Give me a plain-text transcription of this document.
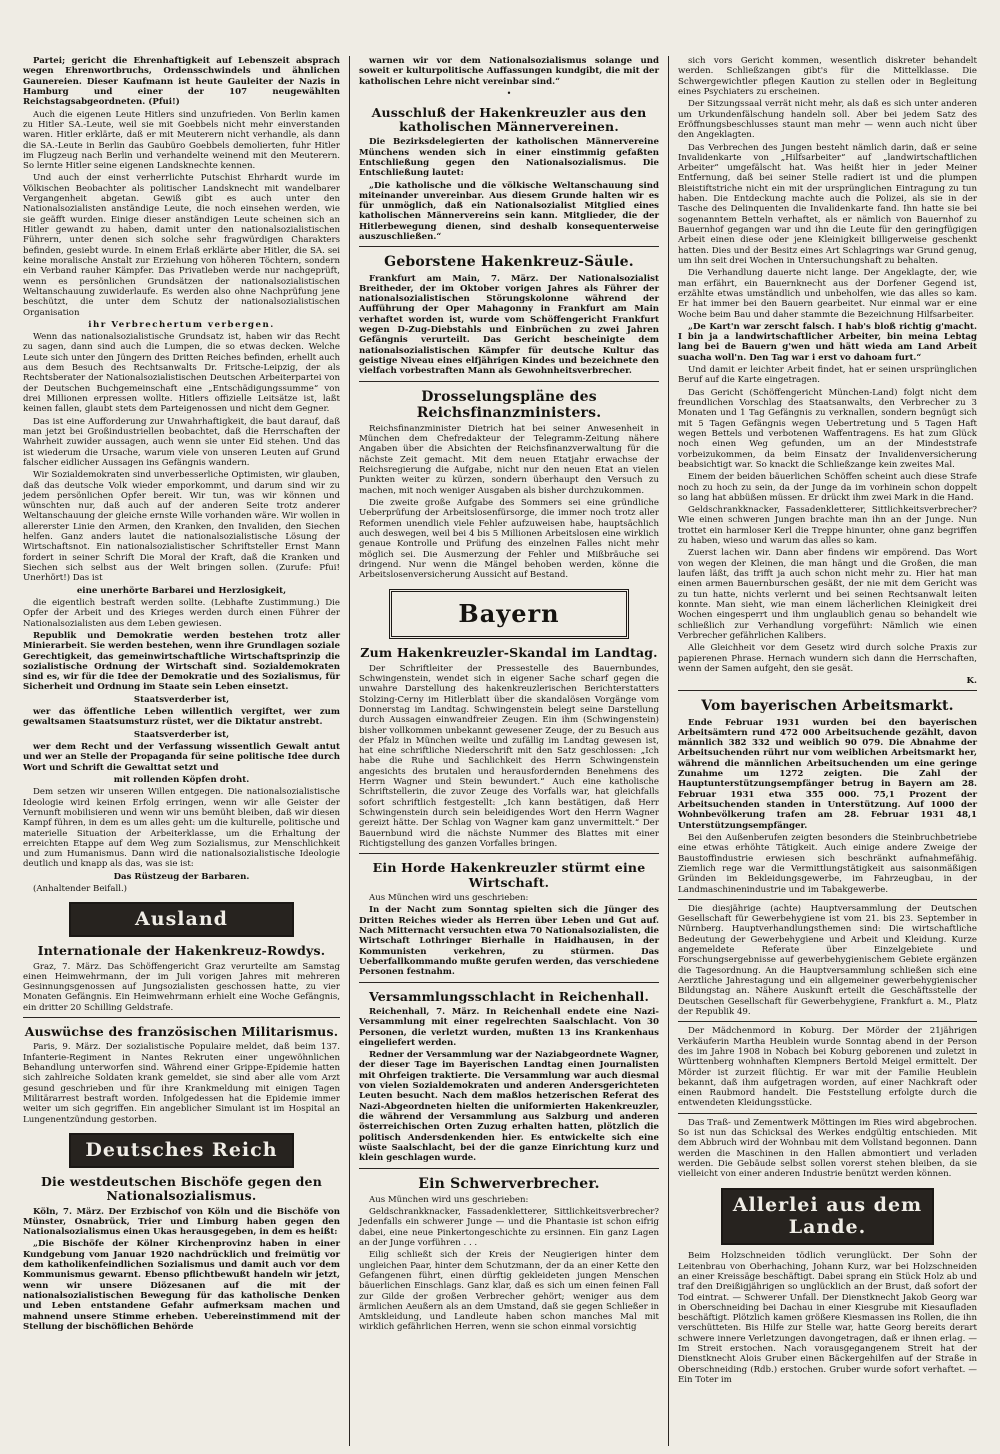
Partei; gericht die Ehrenhaftigkeit auf Lebenszeit absprach wegen Ehrenwortbruchs, Ordensschwindels und ähnlichen Gaunereien. Dieser Kaufmann ist heute Gauleiter der Nazis in Hamburg und einer der 107 neugewählten Reichstagsabgeordneten. (Pfui!)

Auch die eigenen Leute Hitlers sind unzufrieden. Von Berlin kamen zu Hitler SA.-Leute, weil sie mit Goebbels nicht mehr einverstanden waren. Hitler erklärte, daß er mit Meuterern nicht verhandle, als dann die SA.-Leute in Berlin das Gaubüro Goebbels demolierten, fuhr Hitler im Flugzeug nach Berlin und verhandelte weinend mit den Meuterern. So lernte Hitler seine eigenen Landsknechte kennen.

Und auch der einst verherrlichte Putschist Ehrhardt wurde im Völkischen Beobachter als politischer Landsknecht mit wandelbarer Vergangenheit abgetan. Gewiß gibt es auch unter den Nationalsozialisten anständige Leute, die noch einsehen werden, wie sie geäfft wurden. Einige dieser anständigen Leute scheinen sich an Hitler gewandt zu haben, damit unter den nationalsozialistischen Führern, unter denen sich solche sehr fragwürdigen Charakters befinden, gesiebt wurde. In einem Erlaß erklärte aber Hitler, die SA. sei keine moralische Anstalt zur Erziehung von höheren Töchtern, sondern ein Verband rauher Kämpfer. Das Privatleben werde nur nachgeprüft, wenn es persönlichen Grundsätzen der nationalsozialistischen Weltanschauung zuwiderlaufe. Es werden also ohne Nachprüfung jene beschützt, die unter dem Schutz der nationalsozialistischen Organisation

ihr Verbrechertum verbergen.

Wenn das nationalsozialistische Grundsatz ist, haben wir das Recht zu sagen, dann sind auch die Lumpen, die so etwas decken. Welche Leute sich unter den Jüngern des Dritten Reiches befinden, erhellt auch aus dem Besuch des Rechtsanwalts Dr. Fritsche-Leipzig, der als Rechtsberater der Nationalsozialistischen Deutschen Arbeiterpartei von der Deutschen Buchgemeinschaft eine „Entschädigungssumme“ von drei Millionen erpressen wollte. Hitlers offizielle Leitsätze ist, laßt keinen fallen, glaubt stets dem Parteigenossen und nicht dem Gegner.

Das ist eine Aufforderung zur Unwahrhaftigkeit, die baut darauf, daß man jetzt bei Großindustriellen beobachtet, daß die Herrschaften der Wahrheit zuwider aussagen, auch wenn sie unter Eid stehen. Und das ist wiederum die Ursache, warum viele von unseren Leuten auf Grund falscher eidlicher Aussagen ins Gefängnis wandern.

Wir Sozialdemokraten sind unverbesserliche Optimisten, wir glauben, daß das deutsche Volk wieder emporkommt, und darum sind wir zu jedem persönlichen Opfer bereit. Wir tun, was wir können und wünschten nur, daß auch auf der anderen Seite trotz anderer Weltanschauung der gleiche ernste Wille vorhanden wäre. Wir wollen in allererster Linie den Armen, den Kranken, den Invaliden, den Siechen helfen. Ganz anders lautet die nationalsozialistische Lösung der Wirtschaftsnot. Ein nationalsozialistischer Schriftsteller Ernst Mann fordert in seiner Schrift Die Moral der Kraft, daß die Kranken und Siechen sich selbst aus der Welt bringen sollen. (Zurufe: Pfui! Unerhört!) Das ist

eine unerhörte Barbarei und Herzlosigkeit,

die eigentlich bestraft werden sollte. (Lebhafte Zustimmung.) Die Opfer der Arbeit und des Krieges werden durch einen Führer der Nationalsozialisten aus dem Leben gewiesen.

Republik und Demokratie werden bestehen trotz aller Minierarbeit. Sie werden bestehen, wenn ihre Grundlagen soziale Gerechtigkeit, das gemeinwirtschaftliche Wirtschaftsprinzip die sozialistische Ordnung der Wirtschaft sind. Sozialdemokraten sind es, wir für die Idee der Demokratie und des Sozialismus, für Sicherheit und Ordnung im Staate sein Leben einsetzt.

Staatsverderber ist,

wer das öffentliche Leben willentlich vergiftet, wer zum gewaltsamen Staatsumsturz rüstet, wer die Diktatur anstrebt.

Staatsverderber ist,

wer dem Recht und der Verfassung wissentlich Gewalt antut und wer an Stelle der Propaganda für seine politische Idee durch Wort und Schrift die Gewalttat setzt und

mit rollenden Köpfen droht.

Dem setzen wir unseren Willen entgegen. Die nationalsozialistische Ideologie wird keinen Erfolg erringen, wenn wir alle Geister der Vernunft mobilisieren und wenn wir uns bemüht bleiben, daß wir diesen Kampf führen, in dem es um alles geht: um die kulturelle, politische und materielle Situation der Arbeiterklasse, um die Erhaltung der erreichten Etappe auf dem Weg zum Sozialismus, zur Menschlichkeit und zum Humanismus. Dann wird die nationalsozialistische Ideologie deutlich und knapp als das, was sie ist:

Das Rüstzeug der Barbaren.

(Anhaltender Beifall.)

Ausland
Internationale der Hakenkreuz-Rowdys.

Graz, 7. März. Das Schöffengericht Graz verurteilte am Samstag einen Heimwehrmann, der im Juli vorigen Jahres mit mehreren Gesinnungsgenossen auf Jungsozialisten geschossen hatte, zu vier Monaten Gefängnis. Ein Heimwehrmann erhielt eine Woche Gefängnis, ein dritter 20 Schilling Geldstrafe.

Auswüchse des französischen Militarismus.

Paris, 9. März. Der sozialistische Populaire meldet, daß beim 137. Infanterie-Regiment in Nantes Rekruten einer ungewöhnlichen Behandlung unterworfen sind. Während einer Grippe-Epidemie hatten sich zahlreiche Soldaten krank gemeldet, sie sind aber alle vom Arzt gesund geschrieben und für ihre Krankmeldung mit einigen Tagen Militärarrest bestraft worden. Infolgedessen hat die Epidemie immer weiter um sich gegriffen. Ein angeblicher Simulant ist im Hospital an Lungenentzündung gestorben.

Deutsches Reich
Die westdeutschen Bischöfe gegen den Nationalsozialismus.

Köln, 7. März. Der Erzbischof von Köln und die Bischöfe von Münster, Osnabrück, Trier und Limburg haben gegen den Nationalsozialismus einen Ukas herausgegeben, in dem es heißt:

„Die Bischöfe der Kölner Kirchenprovinz haben in einer Kundgebung vom Januar 1920 nachdrücklich und freimütig vor dem katholikenfeindlichen Sozialismus und damit auch vor dem Kommunismus gewarnt. Ebenso pflichtbewußt handeln wir jetzt, wenn wir unsere Diözesanen auf die mit der nationalsozialistischen Bewegung für das katholische Denken und Leben entstandene Gefahr aufmerksam machen und mahnend unsere Stimme erheben. Uebereinstimmend mit der Stellung der bischöflichen Behörde

warnen wir vor dem Nationalsozialismus solange und soweit er kulturpolitische Auffassungen kundgibt, die mit der katholischen Lehre nicht vereinbar sind.“

•
Ausschluß der Hakenkreuzler aus den katholischen Männervereinen.

Die Bezirksdelegierten der katholischen Männervereine Münchens wenden sich in einer einstimmig gefaßten Entschließung gegen den Nationalsozialismus. Die Entschließung lautet:

„Die katholische und die völkische Weltanschauung sind miteinander unvereinbar. Aus diesem Grunde halten wir es für unmöglich, daß ein Nationalsozialist Mitglied eines katholischen Männervereins sein kann. Mitglieder, die der Hitlerbewegung dienen, sind deshalb konsequenterweise auszuschließen.“

Geborstene Hakenkreuz-Säule.

Frankfurt am Main, 7. März. Der Nationalsozialist Breitheder, der im Oktober vorigen Jahres als Führer der nationalsozialistischen Störungskolonne während der Aufführung der Oper Mahagonny in Frankfurt am Main verhaftet worden ist, wurde vom Schöffengericht Frankfurt wegen D-Zug-Diebstahls und Einbrüchen zu zwei Jahren Gefängnis verurteilt. Das Gericht bescheinigte dem nationalsozialistischen Kämpfer für deutsche Kultur das geistige Niveau eines elfjährigen Kindes und bezeichnete den vielfach vorbestraften Mann als Gewohnheitsverbrecher.

Drosselungspläne des Reichsfinanzministers.

Reichsfinanzminister Dietrich hat bei seiner Anwesenheit in München dem Chefredakteur der Telegramm-Zeitung nähere Angaben über die Absichten der Reichsfinanzverwaltung für die nächste Zeit gemacht. Mit dem neuen Etatjahr erwachse der Reichsregierung die Aufgabe, nicht nur den neuen Etat an vielen Punkten weiter zu kürzen, sondern überhaupt den Versuch zu machen, mit noch weniger Ausgaben als bisher durchzukommen.

Die zweite große Aufgabe des Sommers sei eine gründliche Ueberprüfung der Arbeitslosenfürsorge, die immer noch trotz aller Reformen unendlich viele Fehler aufzuweisen habe, hauptsächlich auch deswegen, weil bei 4 bis 5 Millionen Arbeitslosen eine wirklich genaue Kontrolle und Prüfung des einzelnen Falles nicht mehr möglich sei. Die Ausmerzung der Fehler und Mißbräuche sei dringend. Nur wenn die Mängel behoben werden, könne die Arbeitslosenversicherung Aussicht auf Bestand.

Bayern
Zum Hakenkreuzler-Skandal im Landtag.

Der Schriftleiter der Pressestelle des Bauernbundes, Schwingenstein, wendet sich in eigener Sache scharf gegen die unwahre Darstellung des hakenkreuzlerischen Berichterstatters Stolzing-Cerny im Hitlerblatt über die skandalösen Vorgänge vom Donnerstag im Landtag. Schwingenstein belegt seine Darstellung durch Aussagen einwandfreier Zeugen. Ein ihm (Schwingenstein) bisher vollkommen unbekannt gewesener Zeuge, der zu Besuch aus der Pfalz in München weilte und zufällig im Landtag gewesen ist, hat eine schriftliche Niederschrift mit den Satz geschlossen: „Ich habe die Ruhe und Sachlichkeit des Herrn Schwingenstein angesichts des brutalen und herausfordernden Benehmens des Herrn Wagner und Stein bewundert.“ Auch eine katholische Schriftstellerin, die zuvor Zeuge des Vorfalls war, hat gleichfalls sofort schriftlich festgestellt: „Ich kann bestätigen, daß Herr Schwingenstein durch sein beleidigendes Wort den Herrn Wagner gereizt hätte. Der Schlag von Wagner kam ganz unvermittelt.“ Der Bauernbund wird die nächste Nummer des Blattes mit einer Richtigstellung des ganzen Vorfalles bringen.

Ein Horde Hakenkreuzler stürmt eine Wirtschaft.

Aus München wird uns geschrieben:

In der Nacht zum Sonntag spielten sich die Jünger des Dritten Reiches wieder als Herren über Leben und Gut auf. Nach Mitternacht versuchten etwa 70 Nationalsozialisten, die Wirtschaft Lothringer Bierhalle in Haidhausen, in der Kommunisten verkehren, zu stürmen. Das Ueberfallkommando mußte gerufen werden, das verschiedene Personen festnahm.

Versammlungsschlacht in Reichenhall.

Reichenhall, 7. März. In Reichenhall endete eine Nazi-Versammlung mit einer regelrechten Saalschlacht. Von 30 Personen, die verletzt wurden, mußten 13 ins Krankenhaus eingeliefert werden.

Redner der Versammlung war der Naziabgeordnete Wagner, der dieser Tage im Bayerischen Landtag einen Journalisten mit Ohrfeigen traktierte. Die Versammlung war auch diesmal von vielen Sozialdemokraten und anderen Andersgerichteten Leuten besucht. Nach dem maßlos hetzerischen Referat des Nazi-Abgeordneten hielten die uniformierten Hakenkreuzler, die während der Versammlung aus Salzburg und anderen österreichischen Orten Zuzug erhalten hatten, plötzlich die politisch Andersdenkenden hier. Es entwickelte sich eine wüste Saalschlacht, bei der die ganze Einrichtung kurz und klein geschlagen wurde.

Ein Schwerverbrecher.

Aus München wird uns geschrieben:

Geldschrankknacker, Fassadenkletterer, Sittlichkeitsverbrecher? Jedenfalls ein schwerer Junge — und die Phantasie ist schon eifrig dabei, eine neue Pinkertongeschichte zu ersinnen. Ein ganz Lagen an der Junge vorführen . . .

Eilig schließt sich der Kreis der Neugierigen hinter dem ungleichen Paar, hinter dem Schutzmann, der da an einer Kette den Gefangenen führt, einen dürftig gekleideten jungen Menschen bäuerlichen Einschlags. Ganz klar, daß es sich um einen feinen Fall zur Gilde der großen Verbrecher gehört; weniger aus dem ärmlichen Aeußern als an dem Umstand, daß sie gegen Schließer in Amtskleidung, und Landleute haben schon manches Mal mit wirklich gefährlichen Herren, wenn sie schon einmal vorsichtig

sich vors Gericht kommen, wesentlich diskreter behandelt werden. Schließzangen gibt's für die Mittelklasse. Die Schwergewichtler pflegen Kaution zu stellen oder in Begleitung eines Psychiaters zu erscheinen.

Der Sitzungssaal verrät nicht mehr, als daß es sich unter anderen um Urkundenfälschung handeln soll. Aber bei jedem Satz des Eröffnungsbeschlusses staunt man mehr — wenn auch nicht über den Angeklagten.

Das Verbrechen des Jungen besteht nämlich darin, daß er seine Invalidenkarte von „Hilfsarbeiter“ auf „landwirtschaftlichen Arbeiter“ umgefälscht hat. Was heißt hier in jeder Meiner Entfernung, daß bei seiner Stelle radiert ist und die plumpen Bleistiftstriche nicht ein mit der ursprünglichen Eintragung zu tun haben. Die Entdeckung machte auch die Polizei, als sie in der Tasche des Delinquenten die Invalidenkarte fand. Ihn hatte sie bei sogenanntem Betteln verhaftet, als er nämlich von Bauernhof zu Bauernhof gegangen war und ihn die Leute für den geringfügigen Arbeit einen diese oder jene Kleinigkeit billigerweise geschenkt hatten. Dies und der Besitz eines Art Schlagrings war Grund genug, um ihn seit drei Wochen in Untersuchungshaft zu behalten.

Die Verhandlung dauerte nicht lange. Der Angeklagte, der, wie man erfährt, ein Bauernknecht aus der Dorfener Gegend ist, erzählte etwas umständlich und unbeholfen, wie das alles so kam. Er hat immer bei den Bauern gearbeitet. Nur einmal war er eine Woche beim Bau und daher stammte die Bezeichnung Hilfsarbeiter.

„De Kart'n war zerscht falsch. I hab's bloß richtig g'macht. I bin ja a landwirtschaftlicher Arbeiter, bin meina Lebtag lang bei de Bauern g'wen und hätt wieda am Land Arbeit suacha woll'n. Den Tag war i erst vo dahoam furt.“

Und damit er leichter Arbeit findet, hat er seinen ursprünglichen Beruf auf die Karte eingetragen.

Das Gericht (Schöffengericht München-Land) folgt nicht dem freundlichen Vorschlag des Staatsanwalts, den Verbrecher zu 3 Monaten und 1 Tag Gefängnis zu verknallen, sondern begnügt sich mit 5 Tagen Gefängnis wegen Uebertretung und 5 Tagen Haft wegen Bettels und verbotenen Waffentragens. Es hat zum Glück noch einen Weg gefunden, um an der Mindeststrafe vorbeizukommen, da beim Einsatz der Invalidenversicherung beabsichtigt war. So knackt die Schließzange kein zweites Mal.

Einem der beiden bäuerlichen Schöffen scheint auch diese Strafe noch zu hoch zu sein, da der Junge da im vorhinein schon doppelt so lang hat abbüßen müssen. Er drückt ihm zwei Mark in die Hand.

Geldschrankknacker, Fassadenkletterer, Sittlichkeitsverbrecher? Wie einen schweren Jungen brachte man ihn an der Junge. Nun trottet ein harmloser Kerl die Treppe hinunter, ohne ganz begriffen zu haben, wieso und warum das alles so kam.

Zuerst lachen wir. Dann aber findens wir empörend. Das Wort von wegen der Kleinen, die man hängt und die Großen, die man laufen läßt, das trifft ja auch schon nicht mehr zu. Hier hat man einen armen Bauernburschen gesäßt, der nie mit dem Gericht was zu tun hatte, nichts verlernt und bei seinen Rechtsanwalt leiten konnte. Man sieht, wie man einem lächerlichen Kleinigkeit drei Wochen eingesperrt und ihm unglaublich genau so behandelt wie schließlich zur Verhandlung vorgeführt: Nämlich wie einen Verbrecher gefährlichen Kalibers.

Alle Gleichheit vor dem Gesetz wird durch solche Praxis zur papierenen Phrase. Hernach wundern sich dann die Herrschaften, wenn der Samen aufgeht, den sie gesät.

K.
Vom bayerischen Arbeitsmarkt.

Ende Februar 1931 wurden bei den bayerischen Arbeitsämtern rund 472 000 Arbeitsuchende gezählt, davon männlich 382 332 und weiblich 90 079. Die Abnahme der Arbeitsuchenden rührt nur vom weiblichen Arbeitsmarkt her, während die männlichen Arbeitsuchenden um eine geringe Zunahme um 1272 zeigten. Die Zahl der Hauptunterstützungsempfänger betrug in Bayern am 28. Februar 1931 etwa 355 000. 75,1 Prozent der Arbeitsuchenden standen in Unterstützung. Auf 1000 der Wohnbevölkerung trafen am 28. Februar 1931 48,1 Unterstützungsempfänger.

Bei den Außenberufen zeigten besonders die Steinbruchbetriebe eine etwas erhöhte Tätigkeit. Auch einige andere Zweige der Baustoffindustrie erwiesen sich beschränkt aufnahmefähig. Ziemlich rege war die Vermittlungstätigkeit aus saisonmäßigen Gründen im Bekleidungsgewerbe, im Fahrzeugbau, in der Landmaschinenindustrie und im Tabakgewerbe.

Die diesjährige (achte) Hauptversammlung der Deutschen Gesellschaft für Gewerbehygiene ist vom 21. bis 23. September in Nürnberg. Hauptverhandlungsthemen sind: Die wirtschaftliche Bedeutung der Gewerbehygiene und Arbeit und Kleidung. Kurze angemeldete Referate über Einzelgebiete und Forschungsergebnisse auf gewerbehygienischem Gebiete ergänzen die Tagesordnung. An die Hauptversammlung schließen sich eine Aerztliche Jahrestagung und ein allgemeiner gewerbehygienischer Bildungstag an. Nähere Auskunft erteilt die Geschäftsstelle der Deutschen Gesellschaft für Gewerbehygiene, Frankfurt a. M., Platz der Republik 49.

Der Mädchenmord in Koburg. Der Mörder der 21jährigen Verkäuferin Martha Heublein wurde Sonntag abend in der Person des im Jahre 1908 in Nobach bei Koburg geborenen und zuletzt in Württenberg wohnhaften Klempners Bertold Meigel ermittelt. Der Mörder ist zurzeit flüchtig. Er war mit der Familie Heublein bekannt, daß ihm aufgetragen worden, auf einer Nachkraft oder einen Raubmord handelt. Die Feststellung erfolgte durch die entwendeten Kleidungsstücke.

Das Traß- und Zementwerk Möttingen im Ries wird abgebrochen. So ist nun das Schicksal des Werkes endgültig entschieden. Mit dem Abbruch wird der Wohnbau mit dem Vollstand begonnen. Dann werden die Maschinen in den Hallen abmontiert und verladen werden. Die Gebäude selbst sollen vorerst stehen bleiben, da sie vielleicht von einer anderen Industrie benützt werden können.

Allerlei aus dem Lande.

Beim Holzschneiden tödlich verunglückt. Der Sohn der Leitenbrau von Oberhaching, Johann Kurz, war bei Holzschneiden an einer Kreissäge beschäftigt. Dabei sprang ein Stück Holz ab und traf den Dreißigjährigen so unglücklich an der Brust, daß sofort der Tod eintrat. — Schwerer Unfall. Der Dienstknecht Jakob Georg war in Oberschneiding bei Dachau in einer Kiesgrube mit Kiesaufladen beschäftigt. Plötzlich kamen größere Kiesmassen ins Rollen, die ihn verschütteten. Bis Hilfe zur Stelle war, hatte Georg bereits derart schwere innere Verletzungen davongetragen, daß er ihnen erlag. — Im Streit erstochen. Nach vorausgegangenem Streit hat der Dienstknecht Alois Gruber einen Bäckergehilfen auf der Straße in Oberschneiding (Rdb.) erstochen. Gruber wurde sofort verhaftet. — Ein Toter im
